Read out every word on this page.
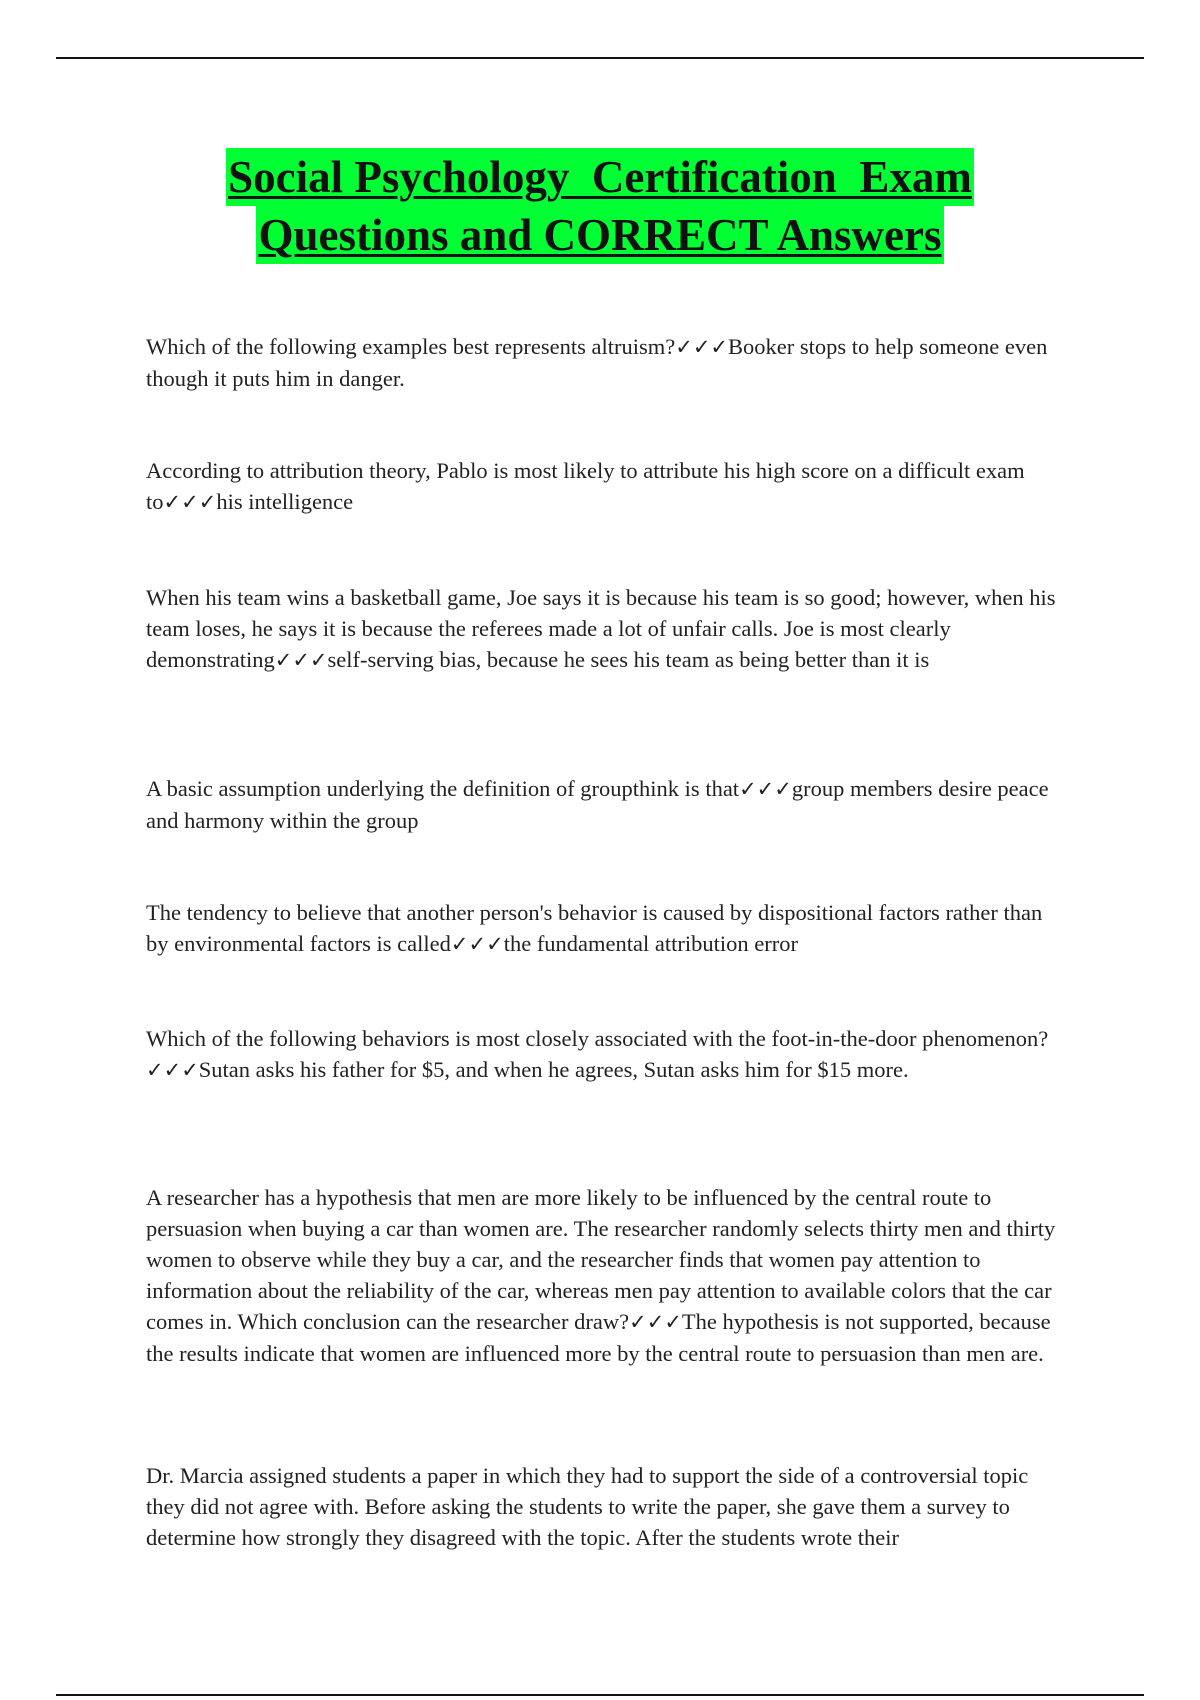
Social Psychology  Certification  Exam
Questions and CORRECT Answers

Which of the following examples best represents altruism?✓✓✓Booker stops to help someone even though it puts him in danger.

According to attribution theory, Pablo is most likely to attribute his high score on a difficult exam to✓✓✓his intelligence

When his team wins a basketball game, Joe says it is because his team is so good; however, when his team loses, he says it is because the referees made a lot of unfair calls. Joe is most clearly demonstrating✓✓✓self-serving bias, because he sees his team as being better than it is

A basic assumption underlying the definition of groupthink is that✓✓✓group members desire peace and harmony within the group

The tendency to believe that another person's behavior is caused by dispositional factors rather than by environmental factors is called✓✓✓the fundamental attribution error

Which of the following behaviors is most closely associated with the foot-in-the-door phenomenon?✓✓✓Sutan asks his father for $5, and when he agrees, Sutan asks him for $15 more.

A researcher has a hypothesis that men are more likely to be influenced by the central route to persuasion when buying a car than women are. The researcher randomly selects thirty men and thirty women to observe while they buy a car, and the researcher finds that women pay attention to information about the reliability of the car, whereas men pay attention to available colors that the car comes in. Which conclusion can the researcher draw?✓✓✓The hypothesis is not supported, because the results indicate that women are influenced more by the central route to persuasion than men are.

Dr. Marcia assigned students a paper in which they had to support the side of a controversial topic they did not agree with. Before asking the students to write the paper, she gave them a survey to determine how strongly they disagreed with the topic. After the students wrote their
